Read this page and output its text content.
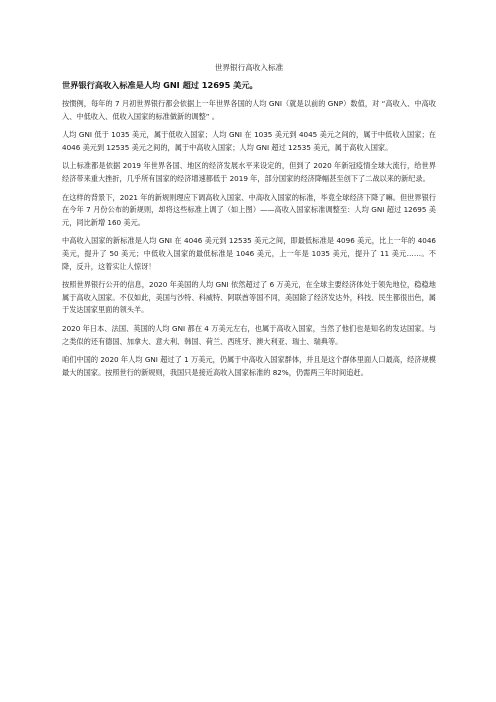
世界银行高收入标准
世界银行高收入标准是人均 GNI 超过 12695 美元。

按惯例，每年的 7 月初世界银行都会依据上一年世界各国的人均 GNI（就是以前的 GNP）数值，对 “高收入、中高收入、中低收入、低收入国家的标准做新的调整” 。

人均 GNI 低于 1035 美元，属于低收入国家；人均 GNI 在 1035 美元到 4045 美元之间的，属于中低收入国家；在 4046 美元到 12535 美元之间的，属于中高收入国家；人均 GNI 超过 12535 美元，属于高收入国家。

以上标准都是依据 2019 年世界各国、地区的经济发展水平来设定的，但到了 2020 年新冠疫情全球大流行，给世界经济带来重大挫折，几乎所有国家的经济增速都低于 2019 年，部分国家的经济降幅甚至创下了二战以来的新纪录。

在这样的背景下，2021 年的新规则理应下调高收入国家、中高收入国家的标准，毕竟全球经济下降了嘛。但世界银行在今年 7 月份公布的新规则，却将这些标准上调了（如上图）——高收入国家标准调整至：人均 GNI 超过 12695 美元，同比新增 160 美元。

中高收入国家的新标准是人均 GNI 在 4046 美元到 12535 美元之间，即最低标准是 4096 美元，比上一年的 4046 美元，提升了 50 美元；中低收入国家的最低标准是 1046 美元，上一年是 1035 美元，提升了 11 美元……。不降，反升，这着实让人惊讶！

按照世界银行公开的信息，2020 年美国的人均 GNI 依然超过了 6 万美元，在全球主要经济体处于领先地位，稳稳地属于高收入国家。不仅如此，美国与沙特、科威特、阿联酋等国不同，美国除了经济发达外，科技、民生都很出色，属于发达国家里面的领头羊。

2020 年日本、法国、英国的人均 GNI 都在 4 万美元左右，也属于高收入国家，当然了他们也是知名的发达国家。与之类似的还有德国、加拿大、意大利、韩国、荷兰、西班牙、澳大利亚、瑞士、瑞典等。

咱们中国的 2020 年人均 GNI 超过了 1 万美元，仍属于中高收入国家群体，并且是这个群体里面人口最高，经济规模最大的国家。按照世行的新规则，我国只是接近高收入国家标准的 82%，仍需两三年时间追赶。
